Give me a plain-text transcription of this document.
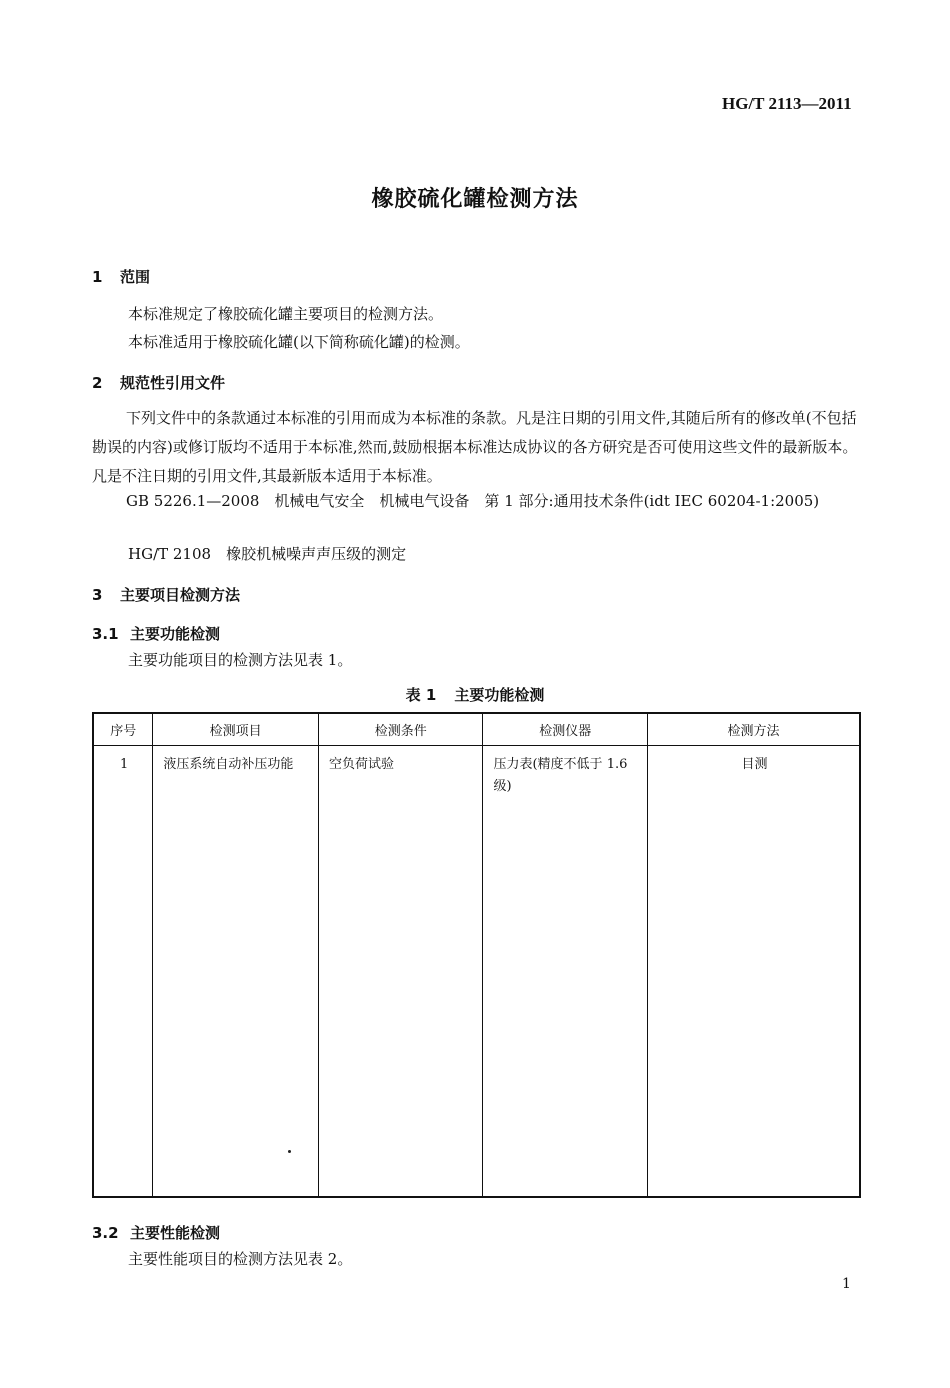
HG/T 2113—2011
橡胶硫化罐检测方法
1 范围
本标准规定了橡胶硫化罐主要项目的检测方法。
本标准适用于橡胶硫化罐(以下简称硫化罐)的检测。
2 规范性引用文件
下列文件中的条款通过本标准的引用而成为本标准的条款。凡是注日期的引用文件,其随后所有的修改单(不包括勘误的内容)或修订版均不适用于本标准,然而,鼓励根据本标准达成协议的各方研究是否可使用这些文件的最新版本。凡是不注日期的引用文件,其最新版本适用于本标准。
GB 5226.1—2008　机械电气安全　机械电气设备　第 1 部分:通用技术条件(idt IEC 60204-1:2005)
HG/T 2108　橡胶机械噪声声压级的测定
3 主要项目检测方法
3.1 主要功能检测
主要功能项目的检测方法见表 1。
表 1 主要功能检测
序号	检测项目	检测条件	检测仪器	检测方法
1	液压系统自动补压功能	空负荷试验	压力表(精度不低于 1.6 级)	目测
3.2 主要性能检测
主要性能项目的检测方法见表 2。
1
